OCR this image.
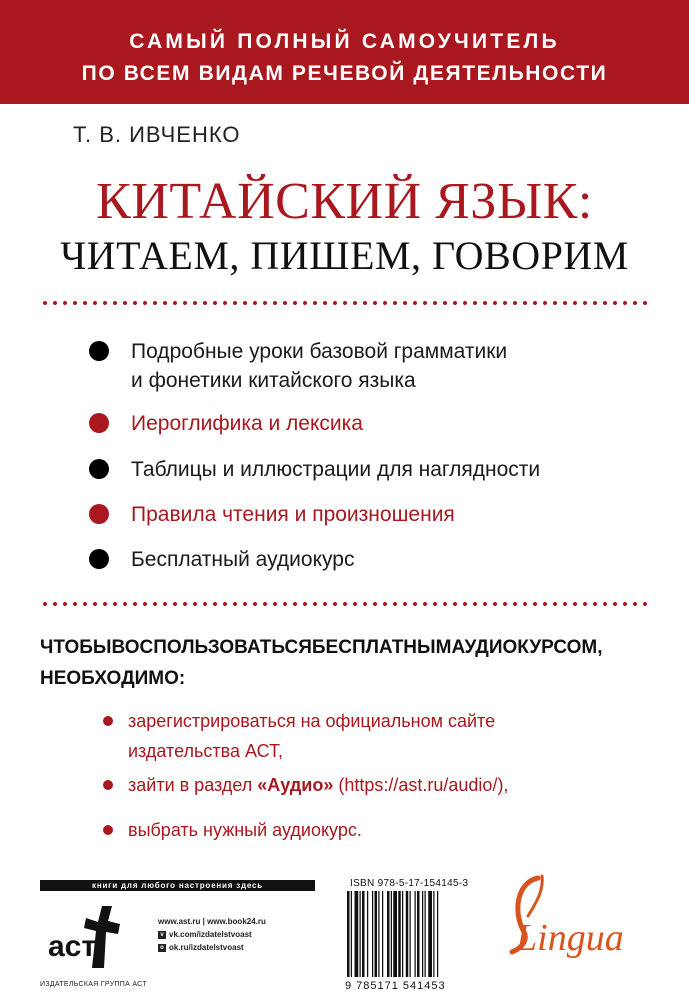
САМЫЙ ПОЛНЫЙ САМОУЧИТЕЛЬ
ПО ВСЕМ ВИДАМ РЕЧЕВОЙ ДЕЯТЕЛЬНОСТИ
Т. В. ИВЧЕНКО
КИТАЙСКИЙ ЯЗЫК:
ЧИТАЕМ, ПИШЕМ, ГОВОРИМ
Подробные уроки базовой грамматики
и фонетики китайского языка
Иероглифика и лексика
Таблицы и иллюстрации для наглядности
Правила чтения и произношения
Бесплатный аудиокурс
ЧТОБЫВОСПОЛЬЗОВАТЬСЯБЕСПЛАТНЫМАУДИОКУРСОМ,
НЕОБХОДИМО:
зарегистрироваться на официальном сайте
издательства АСТ,
зайти в раздел «Аудио» (https://ast.ru/audio/),
выбрать нужный аудиокурс.
книги для любого настроения здесь
аст
ИЗДАТЕЛЬСКАЯ ГРУППА АСТ
www.ast.ru | www.book24.ru
v vk.com/izdatelstvoast
o ok.ru/izdatelstvoast
ISBN 978-5-17-154145-3
9 785171 541453
Lingua
